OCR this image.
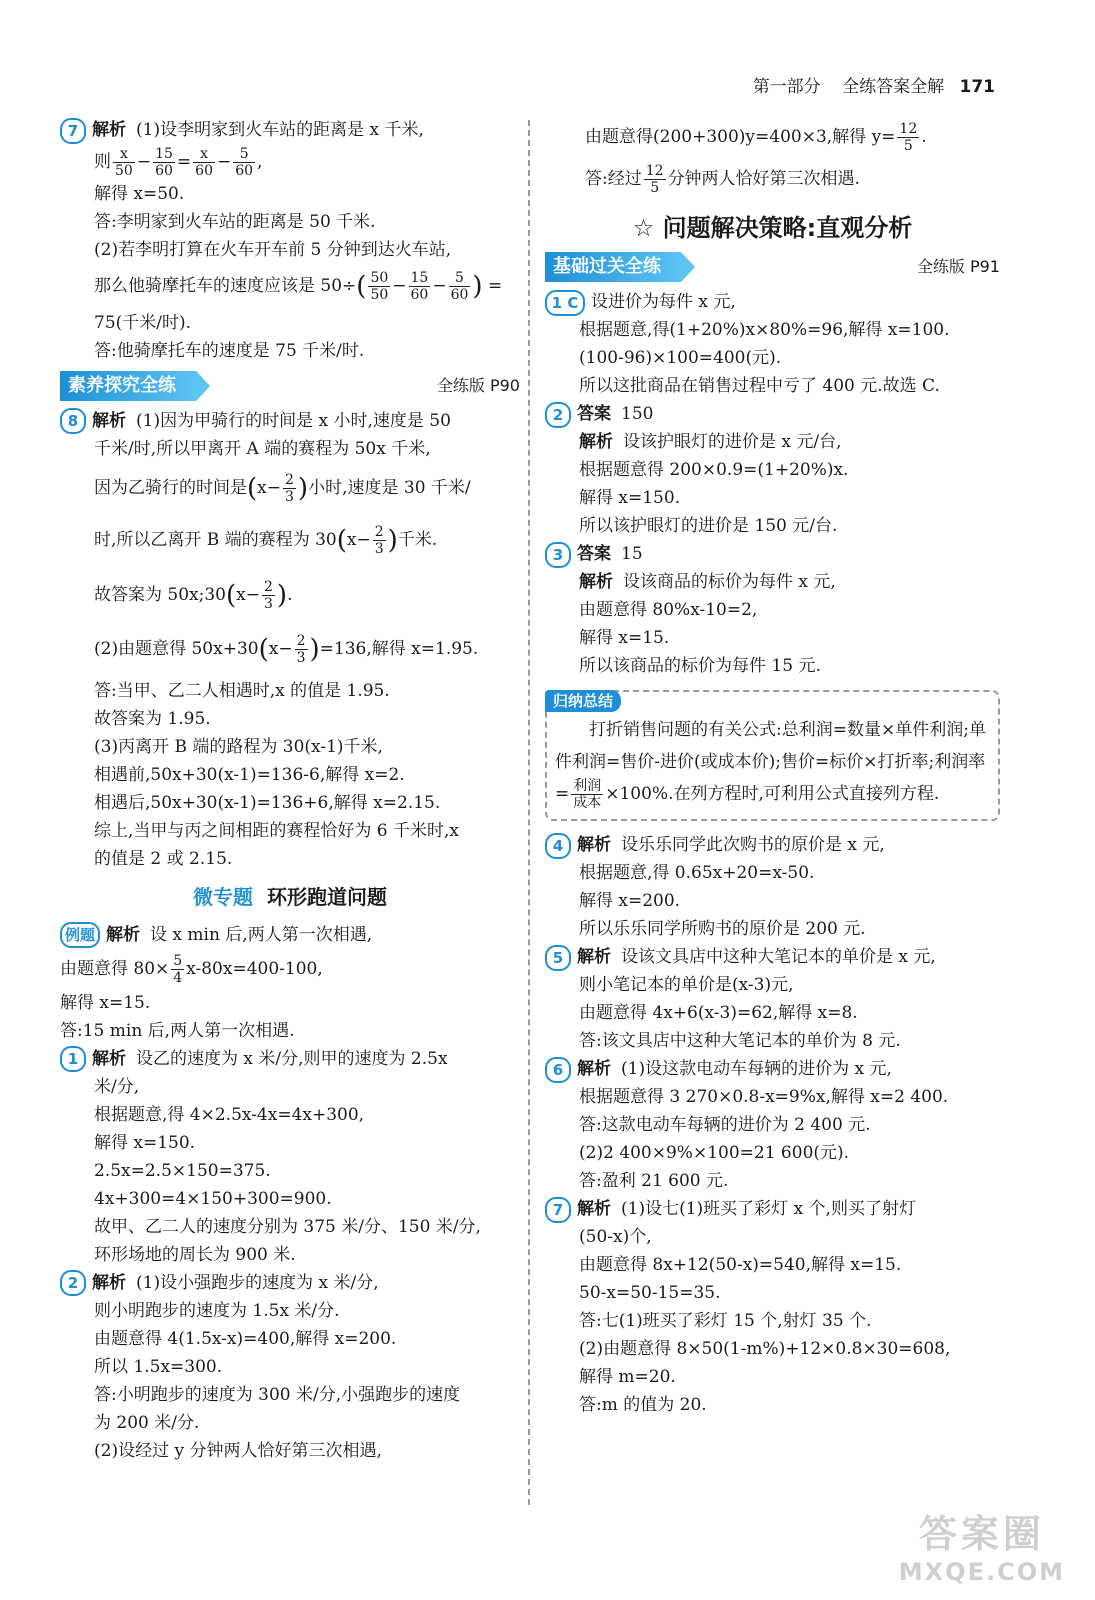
第一部分 全练答案全解 171
7 解析 (1)设李明家到火车站的距离是 x 千米,
则 $\frac{x}{50} - \frac{15}{60} = \frac{x}{60} - \frac{5}{60}$ ,
解得 x=50.
答:李明家到火车站的距离是 50 千米.
(2)若李明打算在火车开车前 5 分钟到达火车站,
那么他骑摩托车的速度应该是 $50\div( \frac{50}{50} - \frac{15}{60} - \frac{5}{60}$ ) =
75(千米/时).
答:他骑摩托车的速度是 75 千米/时.
素养探究全练	全练版 P90
8 解析 (1)因为甲骑行的时间是 x 小时,速度是 50
千米/时,所以甲离开 A 端的赛程为 50x 千米,
因为乙骑行的时间是($x- \frac{2}{3}$ )小时,速度是 30 千米/
时,所以乙离开 B 端的赛程为 $30(x- \frac{2}{3}$ )千米.
故答案为 50x;30(x− $\frac{2}{3}$ ).
(2)由题意得 $50x+30(x- \frac{2}{3} )=136$,解得 x=1.95.
答:当甲、乙二人相遇时,x 的值是 1.95.
故答案为 1.95.
(3)丙离开 B 端的路程为 30(x-1)千米,
相遇前,50x+30(x-1)=136-6,解得 x=2.
相遇后,50x+30(x-1)=136+6,解得 x=2.15.
综上,当甲与丙之间相距的赛程恰好为 6 千米时,x
的值是 2 或 2.15.
微专题 环形跑道问题
例题 解析 设 x min 后,两人第一次相遇,
由题意得 $80\times \frac{5}{4} x-80x=400-100$,
解得 x=15.
答:15 min 后,两人第一次相遇.
1 解析 设乙的速度为 x 米/分,则甲的速度为 2.5x
米/分,
根据题意,得 4×2.5x-4x=4x+300,
解得 x=150.
2.5x=2.5×150=375.
4x+300=4×150+300=900.
故甲、乙二人的速度分别为 375 米/分、150 米/分,
环形场地的周长为 900 米.
2 解析 (1)设小强跑步的速度为 x 米/分,
则小明跑步的速度为 1.5x 米/分.
由题意得 4(1.5x-x)=400,解得 x=200.
所以 1.5x=300.
答:小明跑步的速度为 300 米/分,小强跑步的速度
为 200 米/分.
(2)设经过 y 分钟两人恰好第三次相遇,
由题意得(200+300)y=400×3,解得 $y= \frac{12}{5}$ .
答:经过 $\frac{12}{5}$ 分钟两人恰好第三次相遇.
☆ 问题解决策略:直观分析
基础过关全练	全练版 P91
1 C 设进价为每件 x 元,
根据题意,得(1+20%)x×80%=96,解得 x=100.
(100-96)×100=400(元).
所以这批商品在销售过程中亏了 400 元.故选 C.
2 答案 150
解析 设该护眼灯的进价是 x 元/台,
根据题意得 200×0.9=(1+20%)x.
解得 x=150.
所以该护眼灯的进价是 150 元/台.
3 答案 15
解析 设该商品的标价为每件 x 元,
由题意得 80%x-10=2,
解得 x=15.
所以该商品的标价为每件 15 元.
归纳总结

  打折销售问题的有关公式:总利润=数量×单件利润;单件利润=售价-进价(或成本价);售价=标价×打折率;利润率= $\frac{\text{利润}}{\text{成本}} \times 100\%$.在列方程时,可利用公式直接列方程.

4 解析 设乐乐同学此次购书的原价是 x 元,
根据题意,得 0.65x+20=x-50.
解得 x=200.
所以乐乐同学所购书的原价是 200 元.
5 解析 设该文具店中这种大笔记本的单价是 x 元,
则小笔记本的单价是(x-3)元,
由题意得 4x+6(x-3)=62,解得 x=8.
答:该文具店中这种大笔记本的单价为 8 元.
6 解析 (1)设这款电动车每辆的进价为 x 元,
根据题意得 3 270×0.8-x=9%x,解得 x=2 400.
答:这款电动车每辆的进价为 2 400 元.
(2)2 400×9%×100=21 600(元).
答:盈利 21 600 元.
7 解析 (1)设七(1)班买了彩灯 x 个,则买了射灯
(50-x)个,
由题意得 8x+12(50-x)=540,解得 x=15.
50-x=50-15=35.
答:七(1)班买了彩灯 15 个,射灯 35 个.
(2)由题意得 8×50(1-m%)+12×0.8×30=608,
解得 m=20.
答:m 的值为 20.
答案圈
MXQE.COM
